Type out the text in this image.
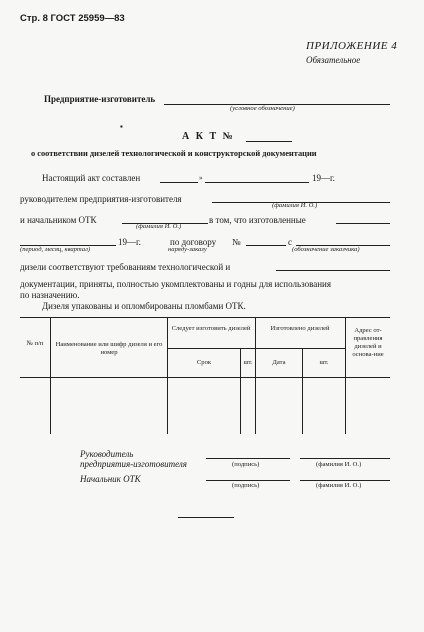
Стр. 8 ГОСТ 25959—83
ПРИЛОЖЕНИЕ 4
Обязательное
Предприятие-изготовитель
(условное обозначение)
▪
А К Т №
о соответствии дизелей технологической и конструкторской документации
Настоящий акт составлен	»	19—г.
руководителем предприятия-изготовителя
(фамилия И. О.)
и начальником ОТК	в том, что изготовленные
(фамилия И. О.)
19—г.	по договору №	с
(период, месяц, квартал)	наряду-заказу	(обозначение заказчика)
дизели соответствуют требованиям технологической и
документации, приняты, полностью укомплектованы и годны для использования
по назначению.
Дизеля упакованы и опломбированы пломбами ОТК.
№ п/п	Наименование или шифр дизеля и его номер
Следует изготовить дизелей	Изготовлено дизелей	Адрес от-правления дизелей и основа-ние
Срок	шт.	Дата	шт.
Руководитель
предприятия-изготовителя	(подпись)	(фамилия И. О.)
Начальник ОТК
(подпись)	(фамилия И. О.)
